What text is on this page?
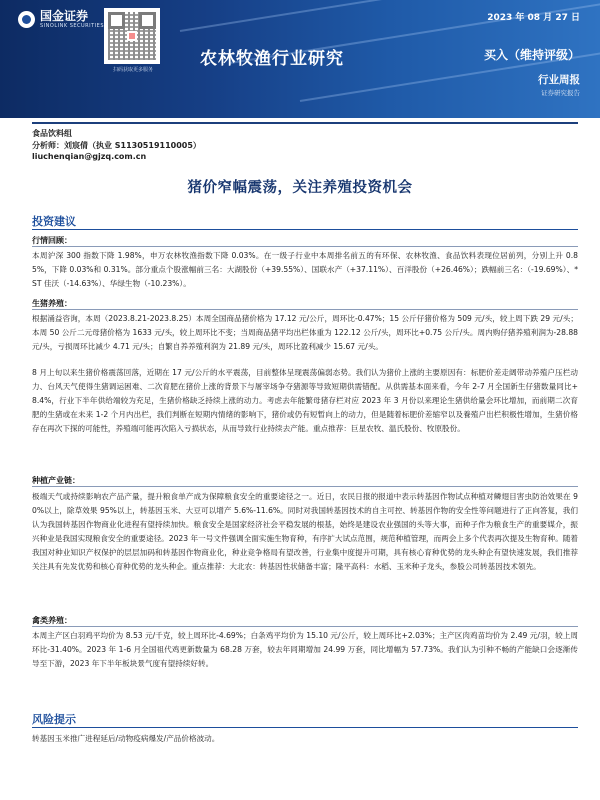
国金证券
SINOLINK SECURITIES
扫码获取更多服务
2023 年 08 月 27 日
农林牧渔行业研究	买入（维持评级）
行业周报
证券研究报告
食品饮料组
分析师：刘宸倩（执业 S1130519110005）
liuchenqian@gjzq.com.cn
猪价窄幅震荡，关注养殖投资机会
投资建议
行情回顾：
本周沪深 300 指数下降 1.98%，申万农林牧渔指数下降 0.03%。在一级子行业中本周排名前五的有环保、农林牧渔、食品饮料表现位居前列，分别上升 0.85%，下降 0.03%和 0.31%。部分重点个股涨幅前三名：大湖股份（+39.55%）、国联水产（+37.11%）、百洋股份（+26.46%）；跌幅前三名：（-19.69%）、*ST 佳沃（-14.63%）、华绿生物（-10.23%）。
生猪养殖：
根据涌益咨询，本周（2023.8.21-2023.8.25）本周全国商品猪价格为 17.12 元/公斤，周环比-0.47%；15 公斤仔猪价格为 509 元/头，较上周下跌 29 元/头；本周 50 公斤二元母猪价格为 1633 元/头，较上周环比不变；当周商品猪平均出栏体重为 122.12 公斤/头，周环比+0.75 公斤/头。周内购仔猪养殖利润为-28.88 元/头，亏损周环比减少 4.71 元/头；自繁自养养殖利润为 21.89 元/头，周环比盈利减少 15.67 元/头。
8 月上旬以来生猪价格震荡回落，近期在 17 元/公斤的水平震荡，目前整体呈现震荡偏弱态势。我们认为猪价上涨的主要原因有：标肥价差走阔带动养殖户压栏动力、台风天气使得生猪调运困难、二次育肥在猪价上涨的背景下与屠宰场争夺猪源等导致短期供需错配。从供需基本面来看，今年 2-7 月全国新生仔猪数量同比+8.4%，行业下半年供给端较为充足，生猪价格缺乏持续上涨的动力。考虑去年能繁母猪存栏对应 2023 年 3 月份以来理论生猪供给量会环比增加，而前期二次育肥的生猪或在未来 1-2 个月内出栏，我们判断在短期内情绪的影响下，猪价或仍有短暂向上的动力，但是随着标肥价差缩窄以及養殖户出栏积极性增加，生猪价格存在再次下探的可能性，养殖端可能再次陷入亏损状态，从而导致行业持续去产能。重点推荐：巨星农牧、温氏股份、牧原股份。
种植产业链：
极端天气或持续影响农产品产量，提升粮食单产成为保障粮食安全的重要途径之一。近日，农民日报的报道中表示转基因作物试点种植对鳞翅目害虫防治效果在 90%以上，除草效果 95%以上，转基因玉米、大豆可以增产 5.6%-11.6%。同时对我国转基因技术的自主可控、转基因作物的安全性等问题进行了正向答复，我们认为我国转基因作物商业化进程有望持续加快。粮食安全是国家经济社会平稳发展的根基，始终是建设农业强国的头等大事，而种子作为粮食生产的重要媒介，振兴种业是我国实现粮食安全的重要途径。2023 年一号文件强调全面实施生物育种，有序扩大试点范围，规范种植管理，而两会上多个代表再次提及生物育种。随着我国对种业知识产权保护的层层加码和转基因作物商业化，种业竞争格局有望改善，行业集中度提升可期，具有核心育种优势的龙头种企有望快速发展，我们推荐关注具有先发优势和核心育种优势的龙头种企。重点推荐：大北农：转基因性状储备丰富；隆平高科：水稻、玉米种子龙头，参股公司转基因技术领先。
禽类养殖：
本周主产区白羽鸡平均价为 8.53 元/千克，较上周环比-4.69%；白条鸡平均价为 15.10 元/公斤，较上周环比+2.03%；主产区肉鸡苗均价为 2.49 元/羽，较上周环比-31.40%。2023 年 1-6 月全国祖代鸡更新数量为 68.28 万套，较去年同期增加 24.99 万套，同比增幅为 57.73%。我们认为引种不畅的产能缺口会逐渐传导至下游，2023 年下半年板块景气度有望持续好转。
风险提示
转基因玉米推广进程延后/动物疫病爆发/产品价格波动。
